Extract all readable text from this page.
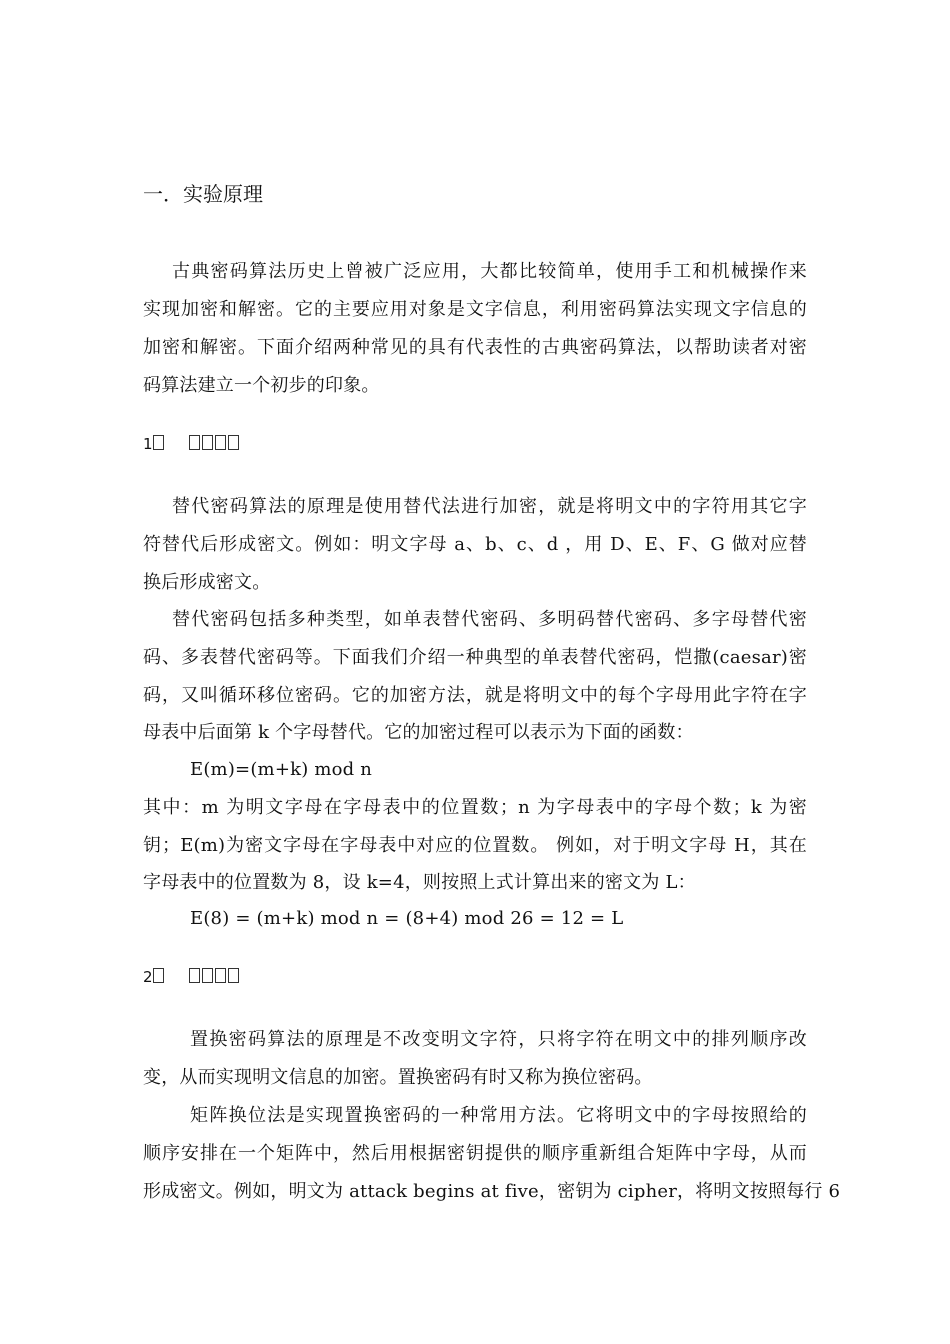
一．实验原理
古典密码算法历史上曾被广泛应用，大都比较简单，使用手工和机械操作来
实现加密和解密。它的主要应用对象是文字信息，利用密码算法实现文字信息的
加密和解密。下面介绍两种常见的具有代表性的古典密码算法，以帮助读者对密
码算法建立一个初步的印象。
1
替代密码算法的原理是使用替代法进行加密，就是将明文中的字符用其它字
符替代后形成密文。例如：明文字母 a、b、c、d ，用 D、E、F、G 做对应替
换后形成密文。
替代密码包括多种类型，如单表替代密码、多明码替代密码、多字母替代密
码、多表替代密码等。下面我们介绍一种典型的单表替代密码，恺撒(caesar)密
码，又叫循环移位密码。它的加密方法，就是将明文中的每个字母用此字符在字
母表中后面第 k 个字母替代。它的加密过程可以表示为下面的函数：
E(m)=(m+k) mod n
其中：m 为明文字母在字母表中的位置数；n 为字母表中的字母个数；k 为密
钥；E(m)为密文字母在字母表中对应的位置数。 例如，对于明文字母 H，其在
字母表中的位置数为 8，设 k=4，则按照上式计算出来的密文为 L：
E(8) = (m+k) mod n = (8+4) mod 26 = 12 = L
2
置换密码算法的原理是不改变明文字符，只将字符在明文中的排列顺序改
变，从而实现明文信息的加密。置换密码有时又称为换位密码。
矩阵换位法是实现置换密码的一种常用方法。它将明文中的字母按照给的
顺序安排在一个矩阵中，然后用根据密钥提供的顺序重新组合矩阵中字母，从而
形成密文。例如，明文为 attack begins at five，密钥为 cipher，将明文按照每行 6
